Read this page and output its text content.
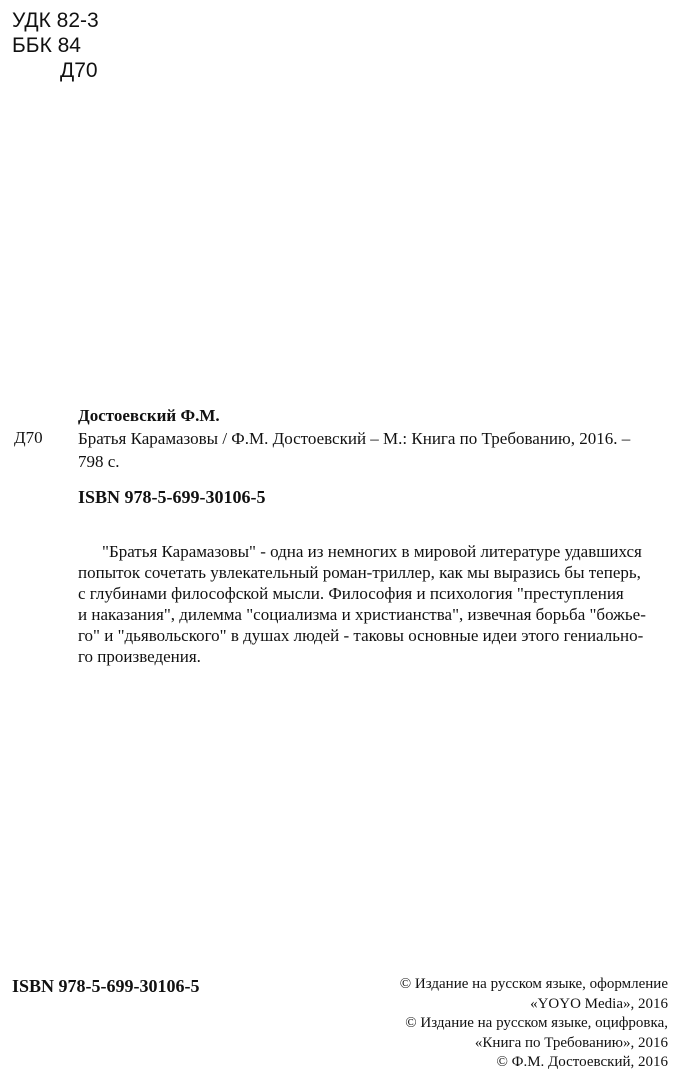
УДК 82-3
ББК 84
Д70
Д70
Достоевский Ф.М.
Братья Карамазовы / Ф.М. Достоевский – М.: Книга по Требованию, 2016. –
798 с.
ISBN 978-5-699-30106-5
"Братья Карамазовы" - одна из немногих в мировой литературе удавшихся
попыток сочетать увлекательный роман-триллер, как мы выразись бы теперь,
с глубинами философской мысли. Философия и психология "преступления
и наказания", дилемма "социализма и христианства", извечная борьба "божье-
го" и "дьявольского" в душах людей - таковы основные идеи этого гениально-
го произведения.
ISBN 978-5-699-30106-5	© Издание на русском языке, оформление
«YOYO Media», 2016
© Издание на русском языке, оцифровка,
«Книга по Требованию», 2016
© Ф.М. Достоевский, 2016
